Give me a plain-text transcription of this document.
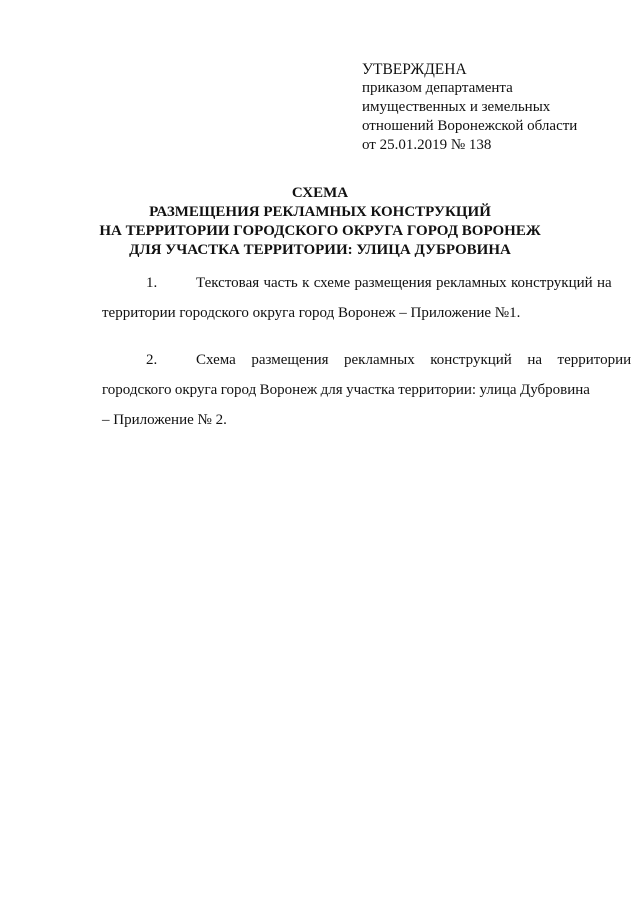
УТВЕРЖДЕНА
приказом департамента
имущественных и земельных
отношений Воронежской области
от 25.01.2019 № 138
СХЕМА
РАЗМЕЩЕНИЯ РЕКЛАМНЫХ КОНСТРУКЦИЙ
НА ТЕРРИТОРИИ ГОРОДСКОГО ОКРУГА ГОРОД ВОРОНЕЖ
ДЛЯ УЧАСТКА ТЕРРИТОРИИ: УЛИЦА ДУБРОВИНА
1.	Текстовая часть к схеме размещения рекламных конструкций на
территории городского округа город Воронеж – Приложение №1.
2.	Схема  размещения  рекламных  конструкций  на  территории
городского округа город Воронеж для участка территории: улица Дубровина
– Приложение № 2.
